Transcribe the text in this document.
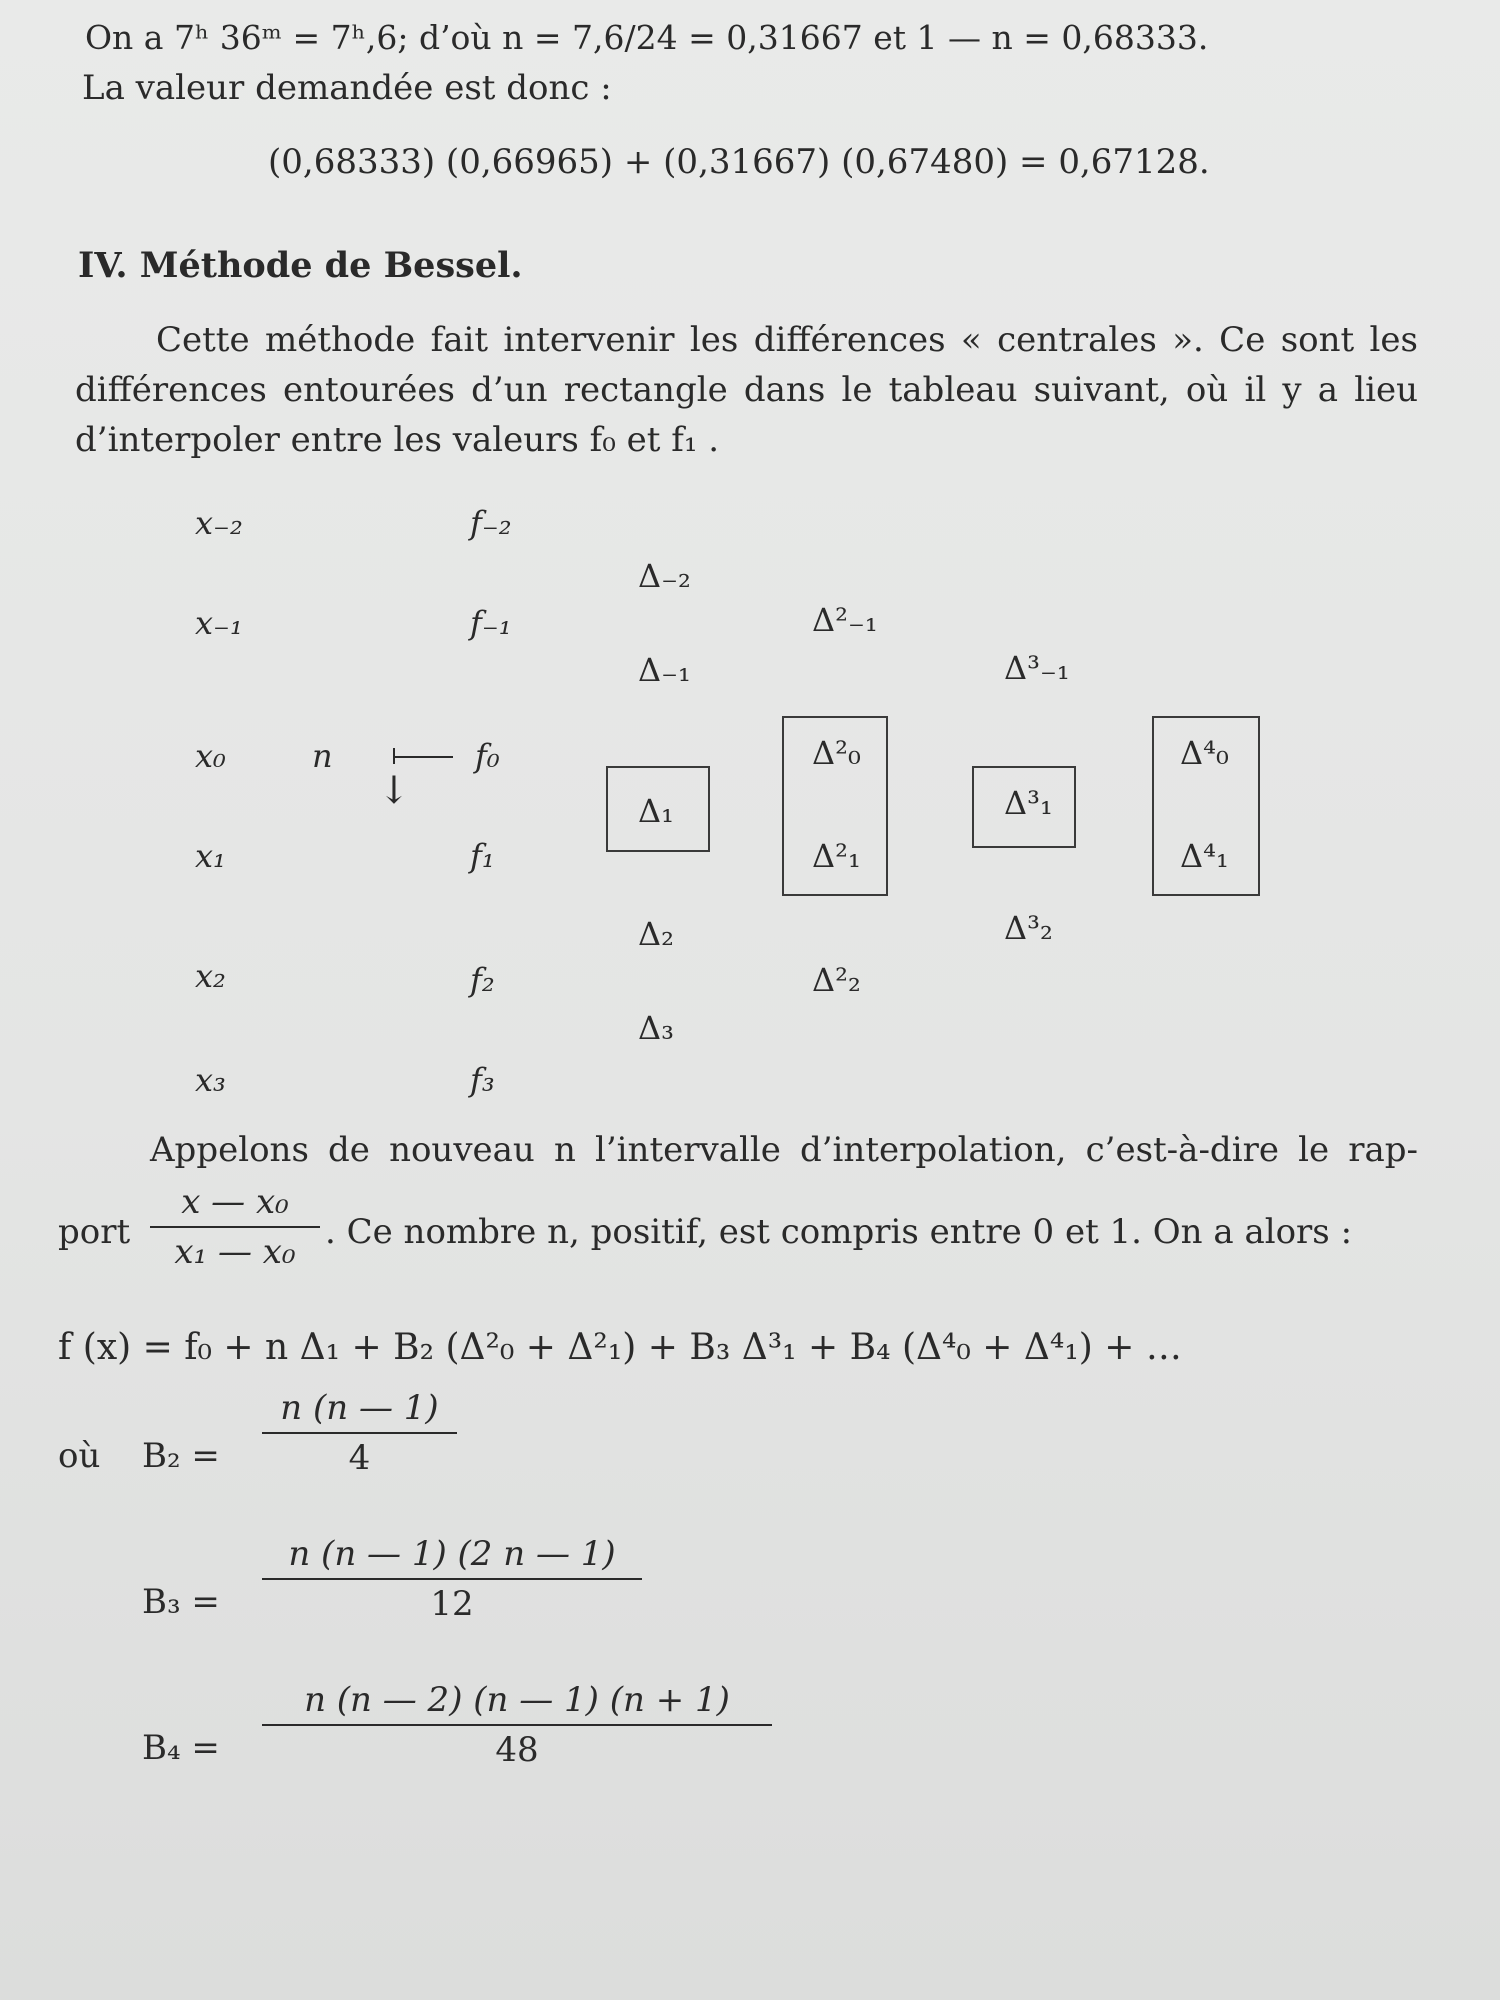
On a 7ʰ 36ᵐ = 7ʰ,6; d’où n = 7,6/24 = 0,31667 et 1 — n = 0,68333.
La valeur demandée est donc :
(0,68333) (0,66965) + (0,31667) (0,67480) = 0,67128.
IV. Méthode de Bessel.
Cette méthode fait intervenir les différences « centrales ». Ce sont les
différences entourées d’un rectangle dans le tableau suivant, où il y a lieu
d’interpoler entre les valeurs f₀ et f₁ .
x₋₂
x₋₁
x₀
x₁
x₂
x₃
n
↓
f₋₂
f₋₁
f₀
f₁
f₂
f₃
Δ₋₂
Δ₋₁
Δ₁
Δ₂
Δ₃
Δ²₋₁
Δ²₀
Δ²₁
Δ²₂
Δ³₋₁
Δ³₁
Δ³₂
Δ⁴₀
Δ⁴₁
Appelons de nouveau n l’intervalle d’interpolation, c’est-à-dire le rap-
port
x — x₀
x₁ — x₀ . Ce nombre n, positif, est compris entre 0 et 1. On a alors :
f (x) = f₀ + n Δ₁ + B₂ (Δ²₀ + Δ²₁) + B₃ Δ³₁ + B₄ (Δ⁴₀ + Δ⁴₁) + …
où B₂ =
n (n — 1)
4
B₃ =
n (n — 1) (2 n — 1)
12
B₄ =
n (n — 2) (n — 1) (n + 1)
48
